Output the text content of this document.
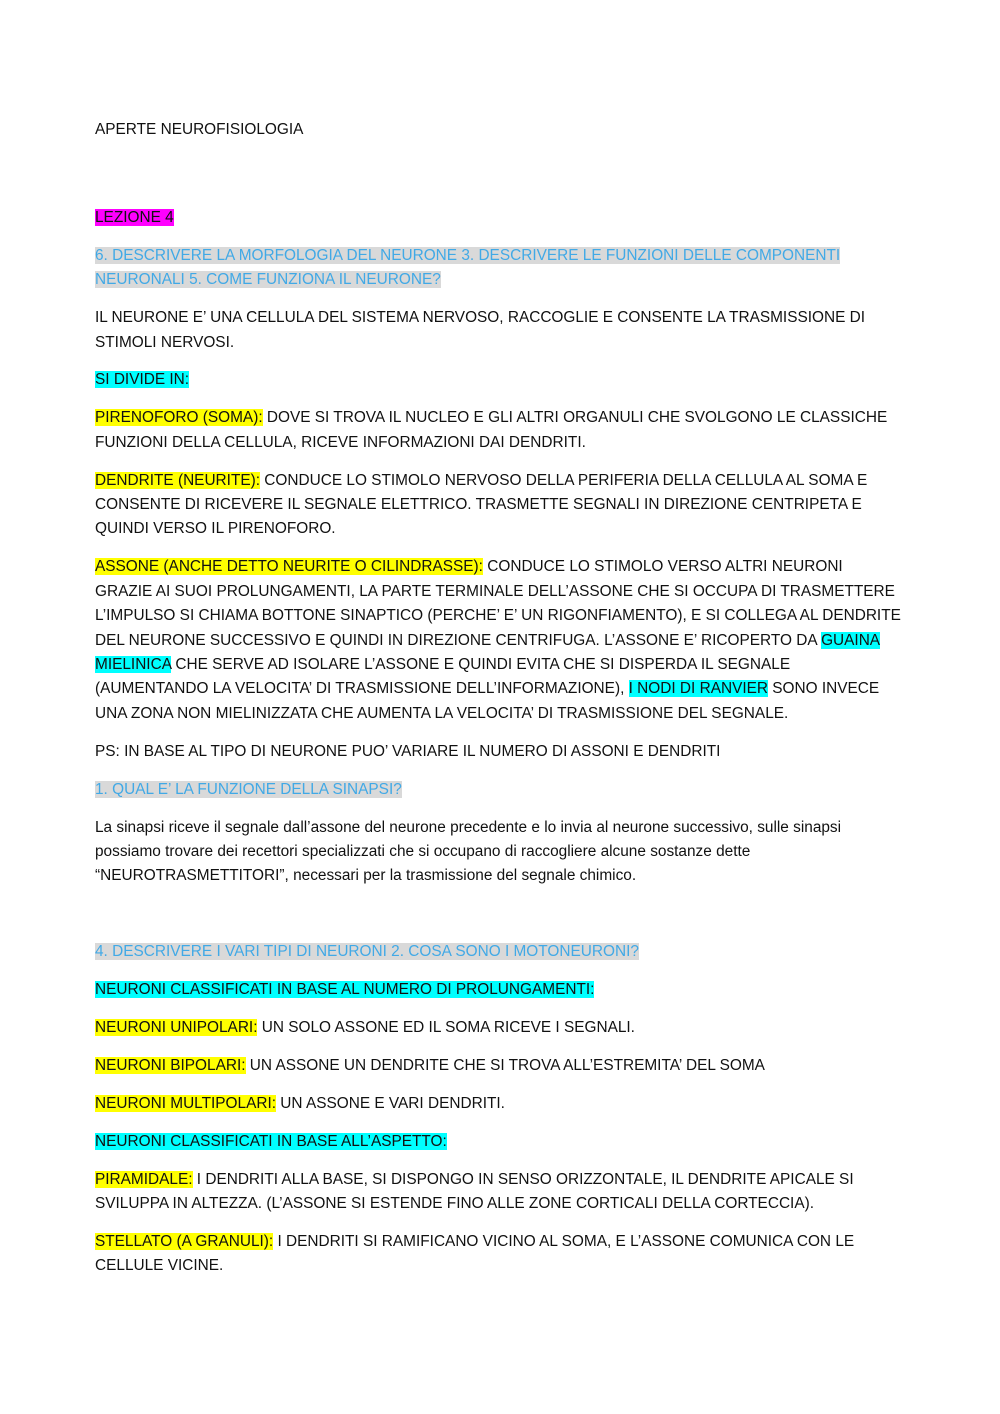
APERTE NEUROFISIOLOGIA

LEZIONE 4

6. DESCRIVERE LA MORFOLOGIA DEL NEURONE 3. DESCRIVERE LE FUNZIONI DELLE COMPONENTI NEURONALI 5. COME FUNZIONA IL NEURONE?

IL NEURONE E’ UNA CELLULA DEL SISTEMA NERVOSO, RACCOGLIE E CONSENTE LA TRASMISSIONE DI STIMOLI NERVOSI.

SI DIVIDE IN:

PIRENOFORO (SOMA): DOVE SI TROVA IL NUCLEO E GLI ALTRI ORGANULI CHE SVOLGONO LE CLASSICHE FUNZIONI DELLA CELLULA, RICEVE INFORMAZIONI DAI DENDRITI.

DENDRITE (NEURITE): CONDUCE LO STIMOLO NERVOSO DELLA PERIFERIA DELLA CELLULA AL SOMA E CONSENTE DI RICEVERE IL SEGNALE ELETTRICO. TRASMETTE SEGNALI IN DIREZIONE CENTRIPETA E QUINDI VERSO IL PIRENOFORO.

ASSONE (ANCHE DETTO NEURITE O CILINDRASSE): CONDUCE LO STIMOLO VERSO ALTRI NEURONI GRAZIE AI SUOI PROLUNGAMENTI, LA PARTE TERMINALE DELL’ASSONE CHE SI OCCUPA DI TRASMETTERE L’IMPULSO SI CHIAMA BOTTONE SINAPTICO (PERCHE’ E’ UN RIGONFIAMENTO), E SI COLLEGA AL DENDRITE DEL NEURONE SUCCESSIVO E QUINDI IN DIREZIONE CENTRIFUGA. L’ASSONE E’ RICOPERTO DA GUAINA MIELINICA CHE SERVE AD ISOLARE L’ASSONE E QUINDI EVITA CHE SI DISPERDA IL SEGNALE (AUMENTANDO LA VELOCITA’ DI TRASMISSIONE DELL’INFORMAZIONE), I NODI DI RANVIER SONO INVECE UNA ZONA NON MIELINIZZATA CHE AUMENTA LA VELOCITA’ DI TRASMISSIONE DEL SEGNALE.

PS: IN BASE AL TIPO DI NEURONE PUO’ VARIARE IL NUMERO DI ASSONI E DENDRITI

1. QUAL E’ LA FUNZIONE DELLA SINAPSI?

La sinapsi riceve il segnale dall’assone del neurone precedente e lo invia al neurone successivo, sulle sinapsi possiamo trovare dei recettori specializzati che si occupano di raccogliere alcune sostanze dette “NEUROTRASMETTITORI”, necessari per la trasmissione del segnale chimico.

4. DESCRIVERE I VARI TIPI DI NEURONI 2. COSA SONO I MOTONEURONI?

NEURONI CLASSIFICATI IN BASE AL NUMERO DI PROLUNGAMENTI:

NEURONI UNIPOLARI: UN SOLO ASSONE ED IL SOMA RICEVE I SEGNALI.

NEURONI BIPOLARI: UN ASSONE UN DENDRITE CHE SI TROVA ALL’ESTREMITA’ DEL SOMA

NEURONI MULTIPOLARI: UN ASSONE E VARI DENDRITI.

NEURONI CLASSIFICATI IN BASE ALL’ASPETTO:

PIRAMIDALE: I DENDRITI ALLA BASE, SI DISPONGO IN SENSO ORIZZONTALE, IL DENDRITE APICALE SI SVILUPPA IN ALTEZZA. (L’ASSONE SI ESTENDE FINO ALLE ZONE CORTICALI DELLA CORTECCIA).

STELLATO (A GRANULI): I DENDRITI SI RAMIFICANO VICINO AL SOMA, E L’ASSONE COMUNICA CON LE CELLULE VICINE.
